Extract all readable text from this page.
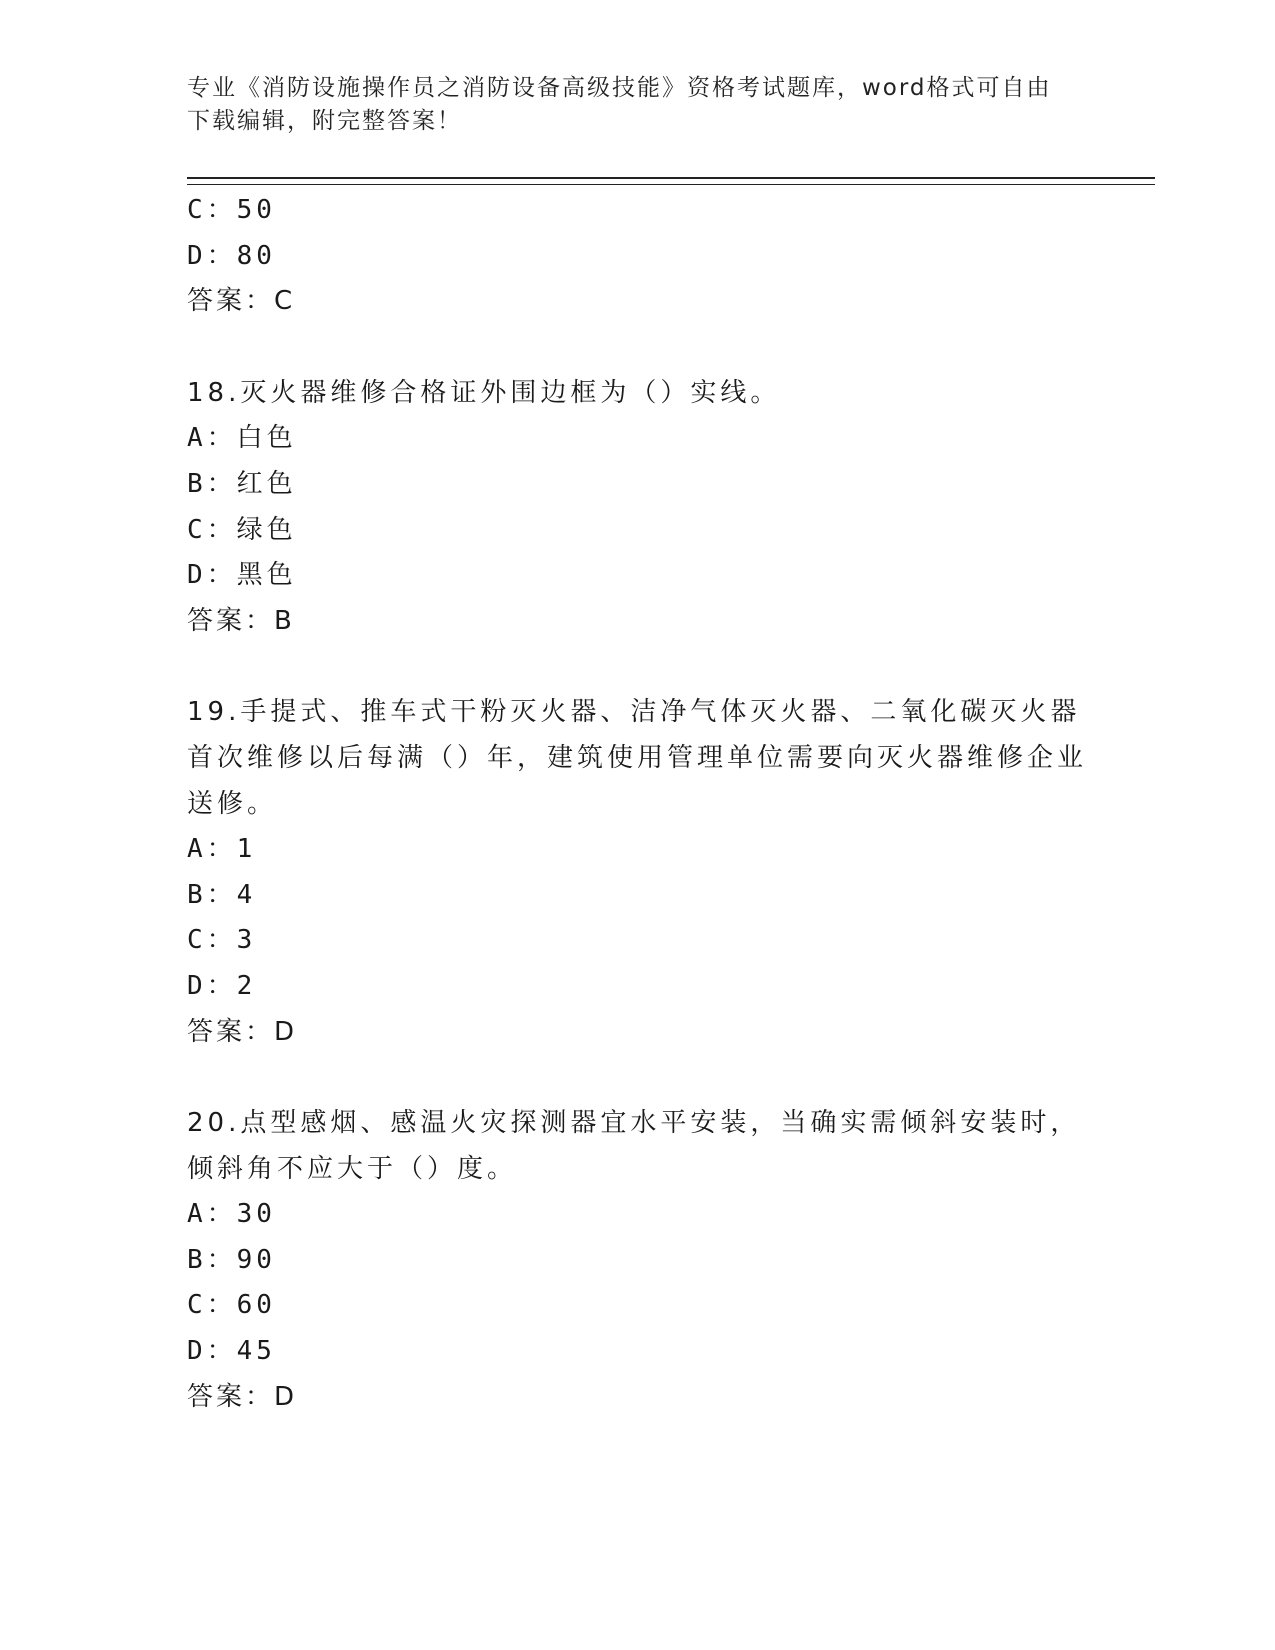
专业《消防设施操作员之消防设备高级技能》资格考试题库，word格式可自由下载编辑，附完整答案！
C：50
D：80
答案：C
18.灭火器维修合格证外围边框为（）实线。
A：白色
B：红色
C：绿色
D：黑色
答案：B
19.手提式、推车式干粉灭火器、洁净气体灭火器、二氧化碳灭火器首次维修以后每满（）年，建筑使用管理单位需要向灭火器维修企业送修。
A：1
B：4
C：3
D：2
答案：D
20.点型感烟、感温火灾探测器宜水平安装，当确实需倾斜安装时，倾斜角不应大于（）度。
A：30
B：90
C：60
D：45
答案：D
